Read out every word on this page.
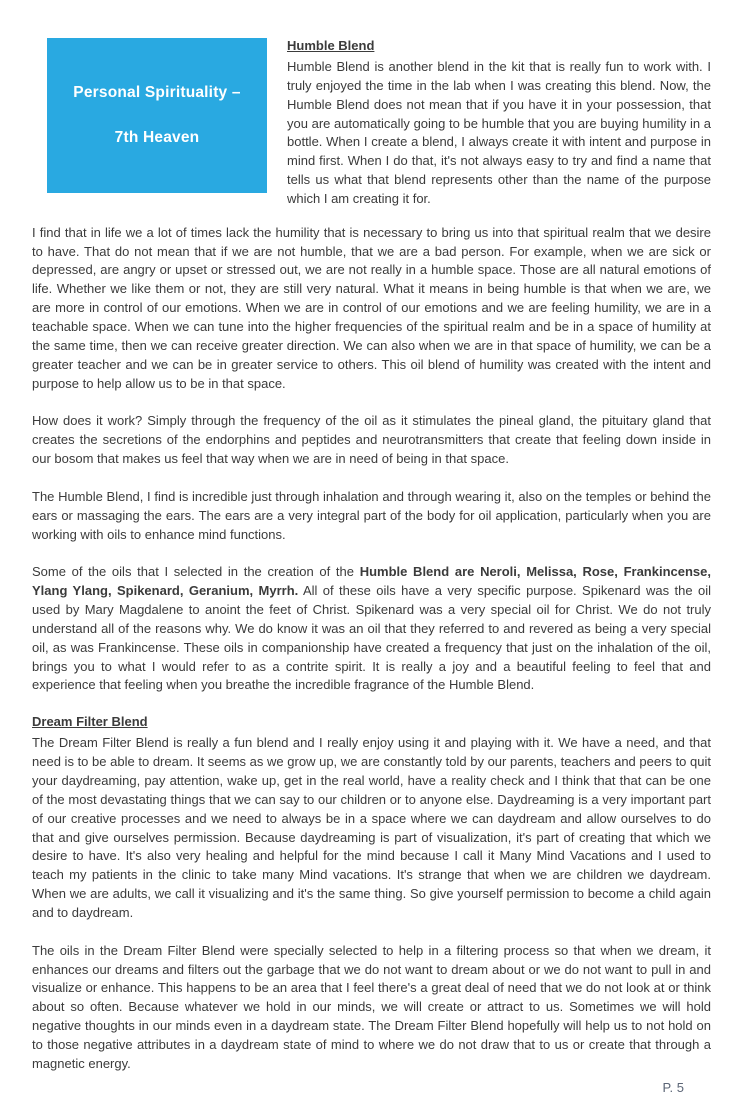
Personal Spirituality –
7th Heaven
Humble Blend

Humble Blend is another blend in the kit that is really fun to work with. I truly enjoyed the time in the lab when I was creating this blend. Now, the Humble Blend does not mean that if you have it in your possession, that you are automatically going to be humble that you are buying humility in a bottle. When I create a blend, I always create it with intent and purpose in mind first. When I do that, it's not always easy to try and find a name that tells us what that blend represents other than the name of the purpose which I am creating it for.

I find that in life we a lot of times lack the humility that is necessary to bring us into that spiritual realm that we desire to have. That do not mean that if we are not humble, that we are a bad person. For example, when we are sick or depressed, are angry or upset or stressed out, we are not really in a humble space. Those are all natural emotions of life. Whether we like them or not, they are still very natural. What it means in being humble is that when we are, we are more in control of our emotions. When we are in control of our emotions and we are feeling humility, we are in a teachable space. When we can tune into the higher frequencies of the spiritual realm and be in a space of humility at the same time, then we can receive greater direction. We can also when we are in that space of humility, we can be a greater teacher and we can be in greater service to others. This oil blend of humility was created with the intent and purpose to help allow us to be in that space.

How does it work? Simply through the frequency of the oil as it stimulates the pineal gland, the pituitary gland that creates the secretions of the endorphins and peptides and neurotransmitters that create that feeling down inside in our bosom that makes us feel that way when we are in need of being in that space.

The Humble Blend, I find is incredible just through inhalation and through wearing it, also on the temples or behind the ears or massaging the ears. The ears are a very integral part of the body for oil application, particularly when you are working with oils to enhance mind functions.

Some of the oils that I selected in the creation of the Humble Blend are Neroli, Melissa, Rose, Frankincense, Ylang Ylang, Spikenard, Geranium, Myrrh. All of these oils have a very specific purpose. Spikenard was the oil used by Mary Magdalene to anoint the feet of Christ. Spikenard was a very special oil for Christ. We do not truly understand all of the reasons why. We do know it was an oil that they referred to and revered as being a very special oil, as was Frankincense. These oils in companionship have created a frequency that just on the inhalation of the oil, brings you to what I would refer to as a contrite spirit. It is really a joy and a beautiful feeling to feel that and experience that feeling when you breathe the incredible fragrance of the Humble Blend.

Dream Filter Blend

The Dream Filter Blend is really a fun blend and I really enjoy using it and playing with it. We have a need, and that need is to be able to dream. It seems as we grow up, we are constantly told by our parents, teachers and peers to quit your daydreaming, pay attention, wake up, get in the real world, have a reality check and I think that that can be one of the most devastating things that we can say to our children or to anyone else. Daydreaming is a very important part of our creative processes and we need to always be in a space where we can daydream and allow ourselves to do that and give ourselves permission. Because daydreaming is part of visualization, it's part of creating that which we desire to have. It's also very healing and helpful for the mind because I call it Many Mind Vacations and I used to teach my patients in the clinic to take many Mind vacations. It's strange that when we are children we daydream. When we are adults, we call it visualizing and it's the same thing. So give yourself permission to become a child again and to daydream.

The oils in the Dream Filter Blend were specially selected to help in a filtering process so that when we dream, it enhances our dreams and filters out the garbage that we do not want to dream about or we do not want to pull in and visualize or enhance. This happens to be an area that I feel there's a great deal of need that we do not look at or think about so often. Because whatever we hold in our minds, we will create or attract to us. Sometimes we will hold negative thoughts in our minds even in a daydream state. The Dream Filter Blend hopefully will help us to not hold on to those negative attributes in a daydream state of mind to where we do not draw that to us or create that through a magnetic energy.

P. 5
